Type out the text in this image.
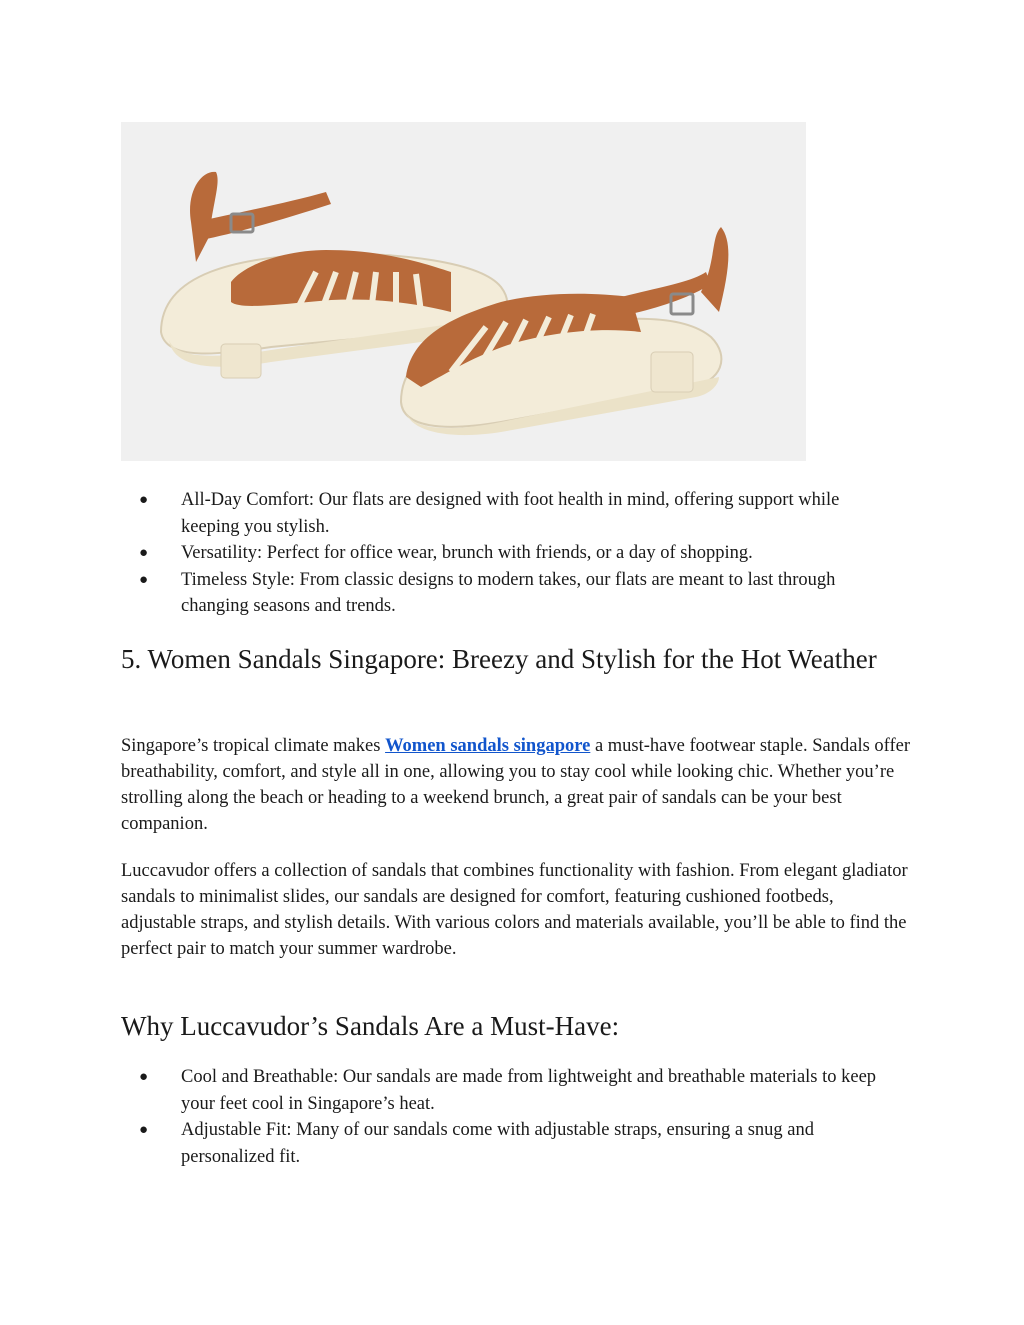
● All-Day Comfort: Our flats are designed with foot health in mind, offering support while keeping you stylish.
● Versatility: Perfect for office wear, brunch with friends, or a day of shopping.
● Timeless Style: From classic designs to modern takes, our flats are meant to last through changing seasons and trends.
5. Women Sandals Singapore: Breezy and Stylish for the Hot Weather

Singapore’s tropical climate makes Women sandals singapore a must-have footwear staple. Sandals offer breathability, comfort, and style all in one, allowing you to stay cool while looking chic. Whether you’re strolling along the beach or heading to a weekend brunch, a great pair of sandals can be your best companion.

Luccavudor offers a collection of sandals that combines functionality with fashion. From elegant gladiator sandals to minimalist slides, our sandals are designed for comfort, featuring cushioned footbeds, adjustable straps, and stylish details. With various colors and materials available, you’ll be able to find the perfect pair to match your summer wardrobe.

Why Luccavudor’s Sandals Are a Must-Have:
● Cool and Breathable: Our sandals are made from lightweight and breathable materials to keep your feet cool in Singapore’s heat.
● Adjustable Fit: Many of our sandals come with adjustable straps, ensuring a snug and personalized fit.
